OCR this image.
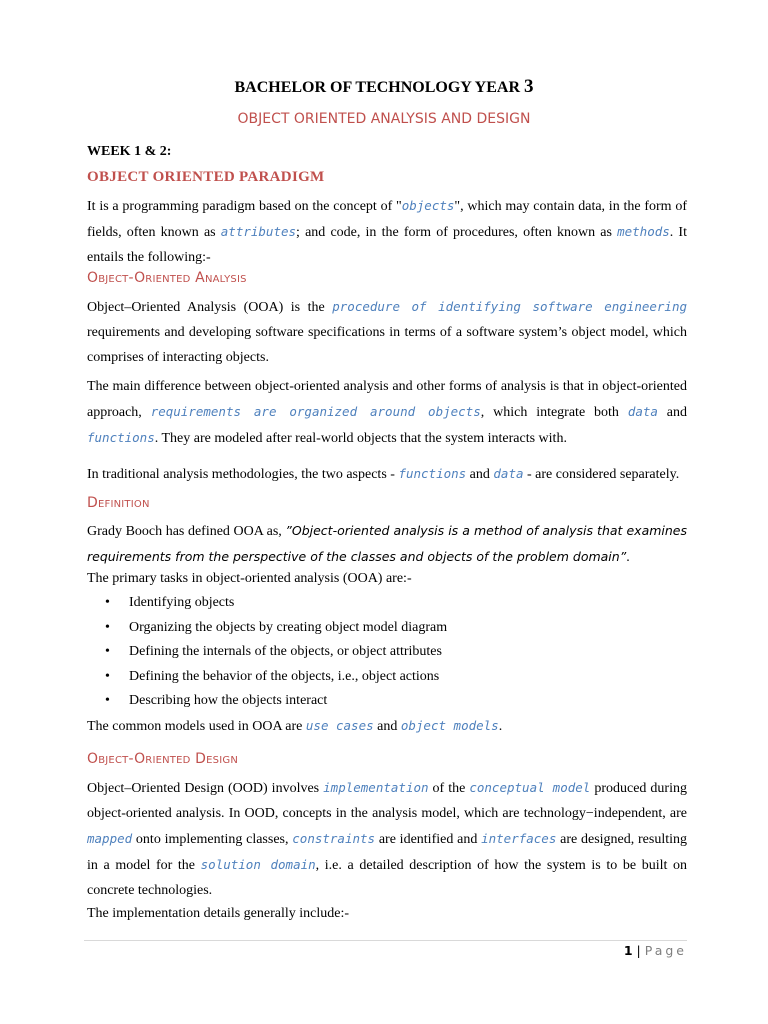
BACHELOR OF TECHNOLOGY YEAR 3
OBJECT ORIENTED ANALYSIS AND DESIGN
WEEK 1 & 2:
OBJECT ORIENTED PARADIGM

It is a programming paradigm based on the concept of "objects", which may contain data, in the form of fields, often known as attributes; and code, in the form of procedures, often known as methods. It entails the following:-

Object-Oriented Analysis

Object–Oriented Analysis (OOA) is the procedure of identifying software engineering requirements and developing software specifications in terms of a software system’s object model, which comprises of interacting objects.

The main difference between object-oriented analysis and other forms of analysis is that in object-oriented approach, requirements are organized around objects, which integrate both data and functions. They are modeled after real-world objects that the system interacts with.

In traditional analysis methodologies, the two aspects - functions and data - are considered separately.

Definition

Grady Booch has defined OOA as, ”Object-oriented analysis is a method of analysis that examines requirements from the perspective of the classes and objects of the problem domain”.

The primary tasks in object-oriented analysis (OOA) are:-

• Identifying objects
• Organizing the objects by creating object model diagram
• Defining the internals of the objects, or object attributes
• Defining the behavior of the objects, i.e., object actions
• Describing how the objects interact

The common models used in OOA are use cases and object models.

Object-Oriented Design

Object–Oriented Design (OOD) involves implementation of the conceptual model produced during object-oriented analysis. In OOD, concepts in the analysis model, which are technology−independent, are mapped onto implementing classes, constraints are identified and interfaces are designed, resulting in a model for the solution domain, i.e. a detailed description of how the system is to be built on concrete technologies.

The implementation details generally include:-

1 | Page
